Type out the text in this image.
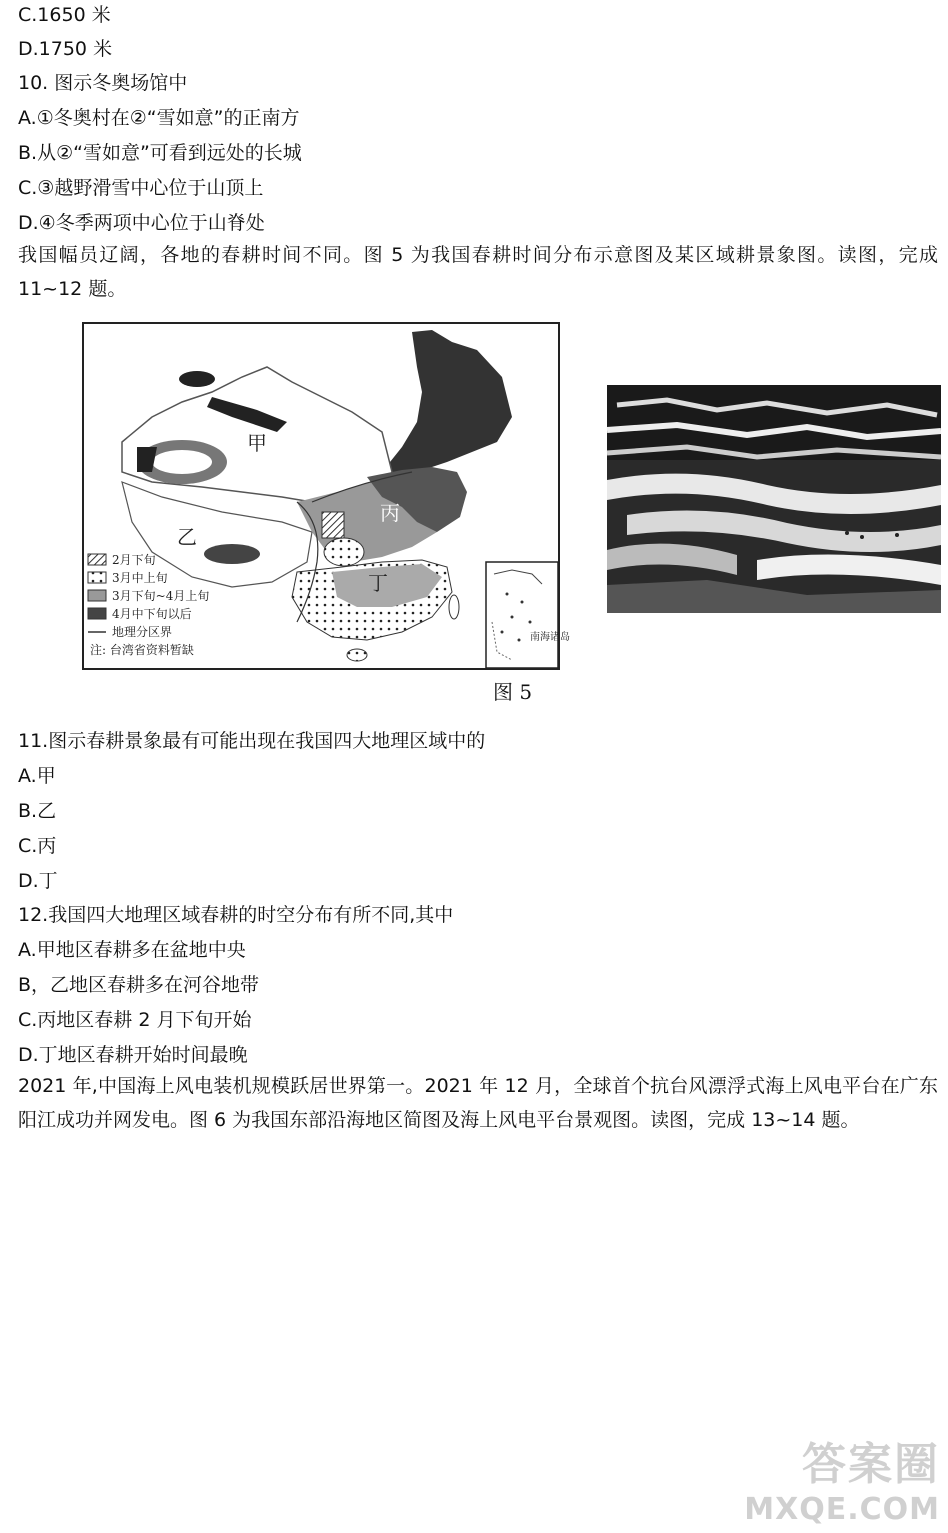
C.1650 米
D.1750 米
10. 图示冬奥场馆中
A.①冬奥村在②“雪如意”的正南方
B.从②“雪如意”可看到远处的长城
C.③越野滑雪中心位于山顶上
D.④冬季两项中心位于山脊处
我国幅员辽阔，各地的春耕时间不同。图 5 为我国春耕时间分布示意图及某区域耕景象图。读图，完成 11~12 题。
甲
乙
丙
丁
2月下旬
3月中上旬
3月下旬~4月上旬
4月中下旬以后
地理分区界
注: 台湾省资料暂缺
南海诸岛
图 5
11.图示春耕景象最有可能出现在我国四大地理区域中的
A.甲
B.乙
C.丙
D.丁
12.我国四大地理区域春耕的时空分布有所不同,其中
A.甲地区春耕多在盆地中央
B，乙地区春耕多在河谷地带
C.丙地区春耕 2 月下旬开始
D.丁地区春耕开始时间最晚
2021 年,中国海上风电装机规模跃居世界第一。2021 年 12 月，全球首个抗台风漂浮式海上风电平台在广东阳江成功并网发电。图 6 为我国东部沿海地区简图及海上风电平台景观图。读图，完成 13~14 题。
答案圈
MXQE.COM
